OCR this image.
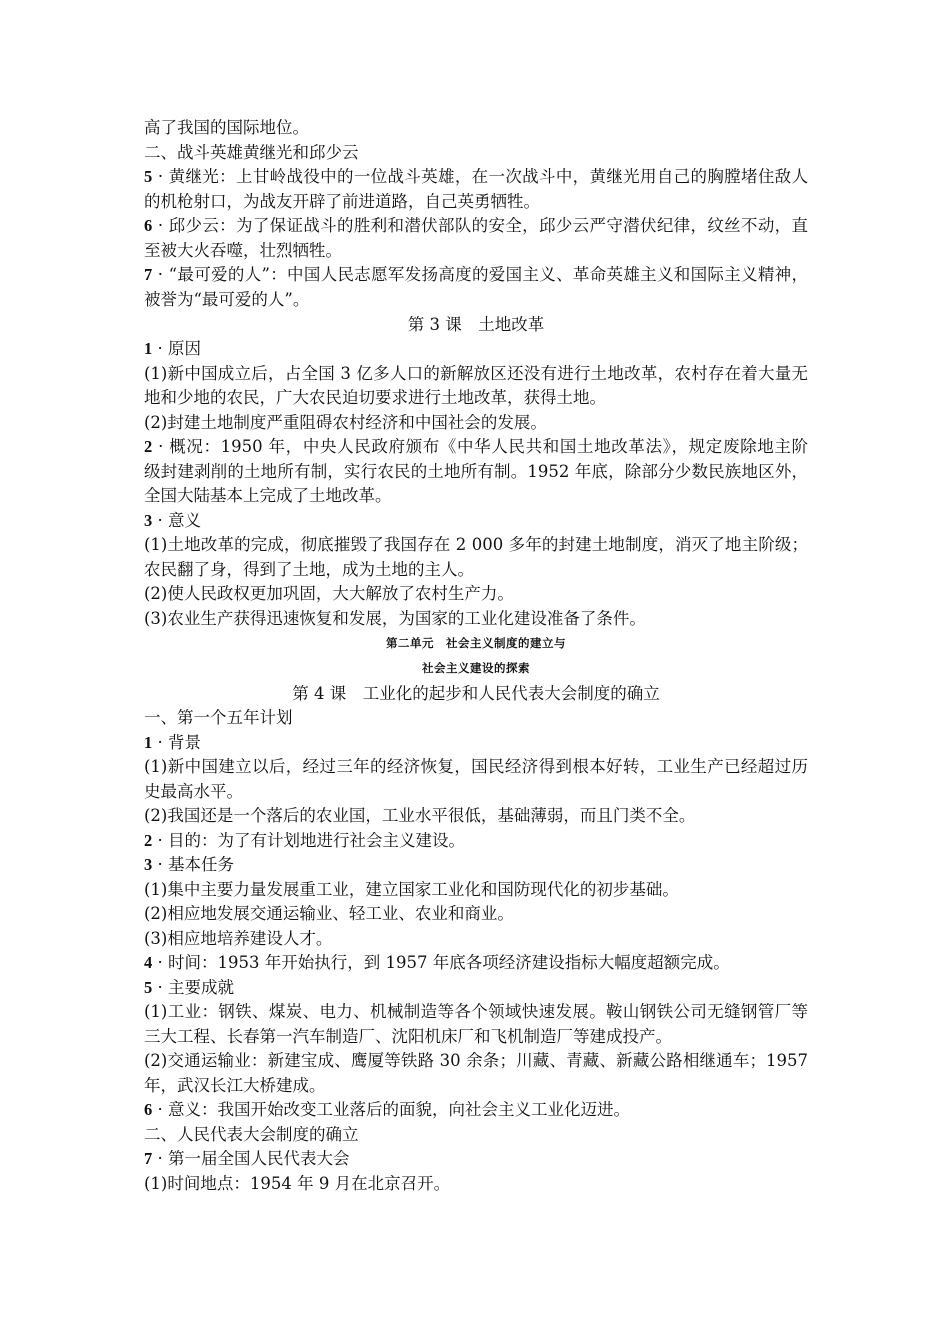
高了我国的国际地位。

二、战斗英雄黄继光和邱少云

5 · 黄继光：上甘岭战役中的一位战斗英雄，在一次战斗中，黄继光用自己的胸膛堵住敌人

的机枪射口，为战友开辟了前进道路，自己英勇牺牲。

6 · 邱少云：为了保证战斗的胜利和潜伏部队的安全，邱少云严守潜伏纪律，纹丝不动，直

至被大火吞噬，壮烈牺牲。

7 · “最可爱的人”：中国人民志愿军发扬高度的爱国主义、革命英雄主义和国际主义精神，

被誉为“最可爱的人”。

第 3 课　土地改革

1 · 原因

(1)新中国成立后，占全国 3 亿多人口的新解放区还没有进行土地改革，农村存在着大量无

地和少地的农民，广大农民迫切要求进行土地改革，获得土地。

(2)封建土地制度严重阻碍农村经济和中国社会的发展。

2 · 概况：1950 年，中央人民政府颁布《中华人民共和国土地改革法》，规定废除地主阶

级封建剥削的土地所有制，实行农民的土地所有制。1952 年底，除部分少数民族地区外，

全国大陆基本上完成了土地改革。

3 · 意义

(1)土地改革的完成，彻底摧毁了我国存在 2 000 多年的封建土地制度，消灭了地主阶级；

农民翻了身，得到了土地，成为土地的主人。

(2)使人民政权更加巩固，大大解放了农村生产力。

(3)农业生产获得迅速恢复和发展，为国家的工业化建设准备了条件。

第二单元　社会主义制度的建立与

社会主义建设的探索

第 4 课　工业化的起步和人民代表大会制度的确立

一、第一个五年计划

1 · 背景

(1)新中国建立以后，经过三年的经济恢复，国民经济得到根本好转，工业生产已经超过历

史最高水平。

(2)我国还是一个落后的农业国，工业水平很低，基础薄弱，而且门类不全。

2 · 目的：为了有计划地进行社会主义建设。

3 · 基本任务

(1)集中主要力量发展重工业，建立国家工业化和国防现代化的初步基础。

(2)相应地发展交通运输业、轻工业、农业和商业。

(3)相应地培养建设人才。

4 · 时间：1953 年开始执行，到 1957 年底各项经济建设指标大幅度超额完成。

5 · 主要成就

(1)工业：钢铁、煤炭、电力、机械制造等各个领域快速发展。鞍山钢铁公司无缝钢管厂等

三大工程、长春第一汽车制造厂、沈阳机床厂和飞机制造厂等建成投产。

(2)交通运输业：新建宝成、鹰厦等铁路 30 余条；川藏、青藏、新藏公路相继通车；1957

年，武汉长江大桥建成。

6 · 意义：我国开始改变工业落后的面貌，向社会主义工业化迈进。

二、人民代表大会制度的确立

7 · 第一届全国人民代表大会

(1)时间地点：1954 年 9 月在北京召开。
